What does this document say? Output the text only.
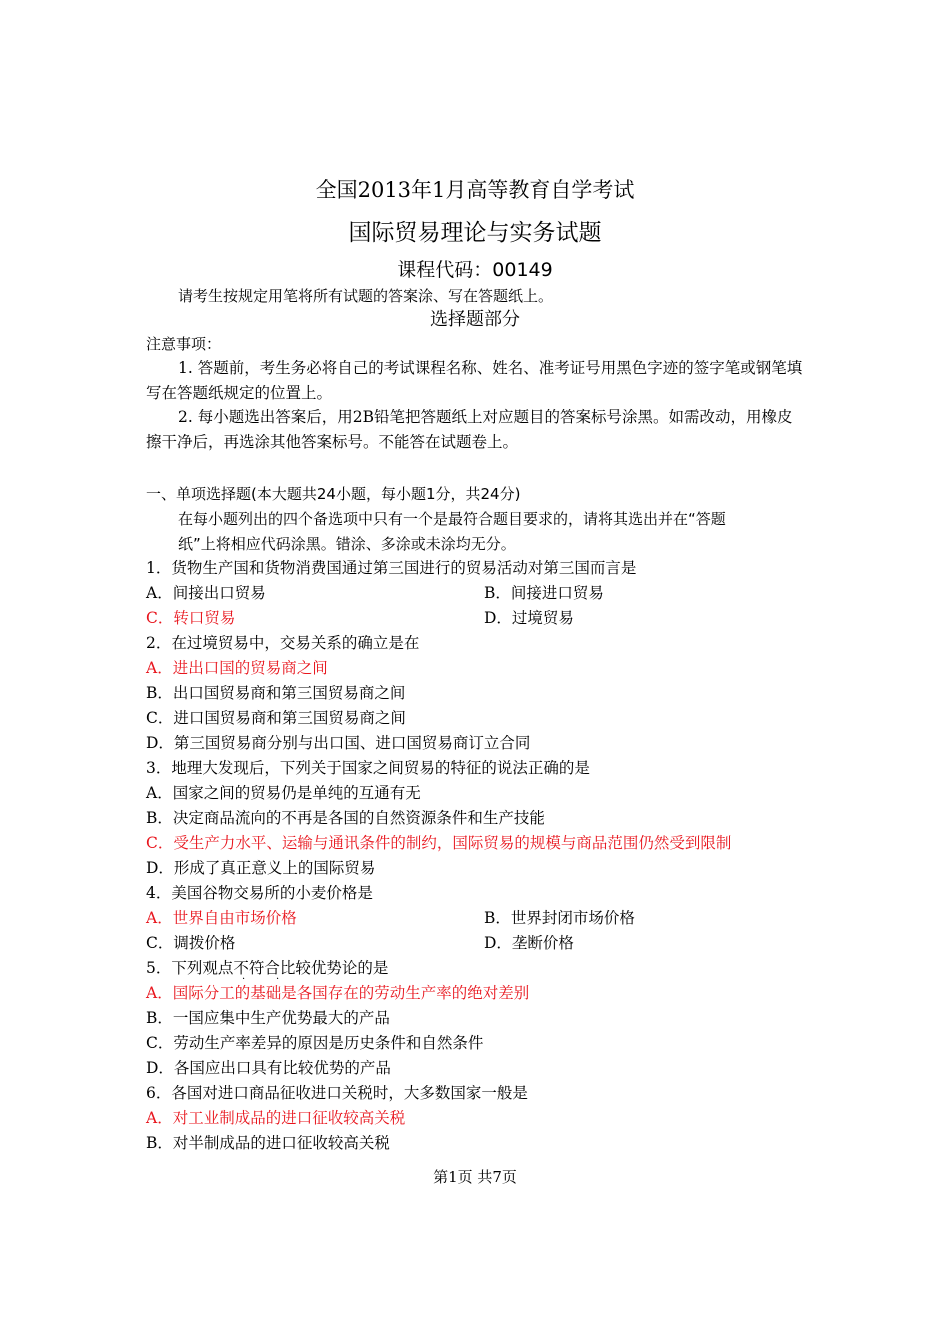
全国2013年1月高等教育自学考试
国际贸易理论与实务试题
课程代码：00149
请考生按规定用笔将所有试题的答案涂、写在答题纸上。
选择题部分
注意事项：
1. 答题前，考生务必将自己的考试课程名称、姓名、准考证号用黑色字迹的签字笔或钢笔填写在答题纸规定的位置上。
2. 每小题选出答案后，用2B铅笔把答题纸上对应题目的答案标号涂黑。如需改动，用橡皮擦干净后，再选涂其他答案标号。不能答在试题卷上。
一、单项选择题(本大题共24小题，每小题1分，共24分)
在每小题列出的四个备选项中只有一个是最符合题目要求的，请将其选出并在“答题
纸”上将相应代码涂黑。错涂、多涂或未涂均无分。
1．货物生产国和货物消费国通过第三国进行的贸易活动对第三国而言是
A．间接出口贸易	B．间接进口贸易
C．转口贸易	D．过境贸易
2．在过境贸易中，交易关系的确立是在
A．进出口国的贸易商之间
B．出口国贸易商和第三国贸易商之间
C．进口国贸易商和第三国贸易商之间
D．第三国贸易商分别与出口国、进口国贸易商订立合同
3．地理大发现后，下列关于国家之间贸易的特征的说法正确的是
A．国家之间的贸易仍是单纯的互通有无
B．决定商品流向的不再是各国的自然资源条件和生产技能
C．受生产力水平、运输与通讯条件的制约，国际贸易的规模与商品范围仍然受到限制
D．形成了真正意义上的国际贸易
4．美国谷物交易所的小麦价格是
A．世界自由市场价格	B．世界封闭市场价格
C．调拨价格	D．垄断价格
5．下列观点不符合比较优势论的是
·	·
A．国际分工的基础是各国存在的劳动生产率的绝对差别
B．一国应集中生产优势最大的产品
C．劳动生产率差异的原因是历史条件和自然条件
D．各国应出口具有比较优势的产品
6．各国对进口商品征收进口关税时，大多数国家一般是
A．对工业制成品的进口征收较高关税
B．对半制成品的进口征收较高关税
第1页 共7页
